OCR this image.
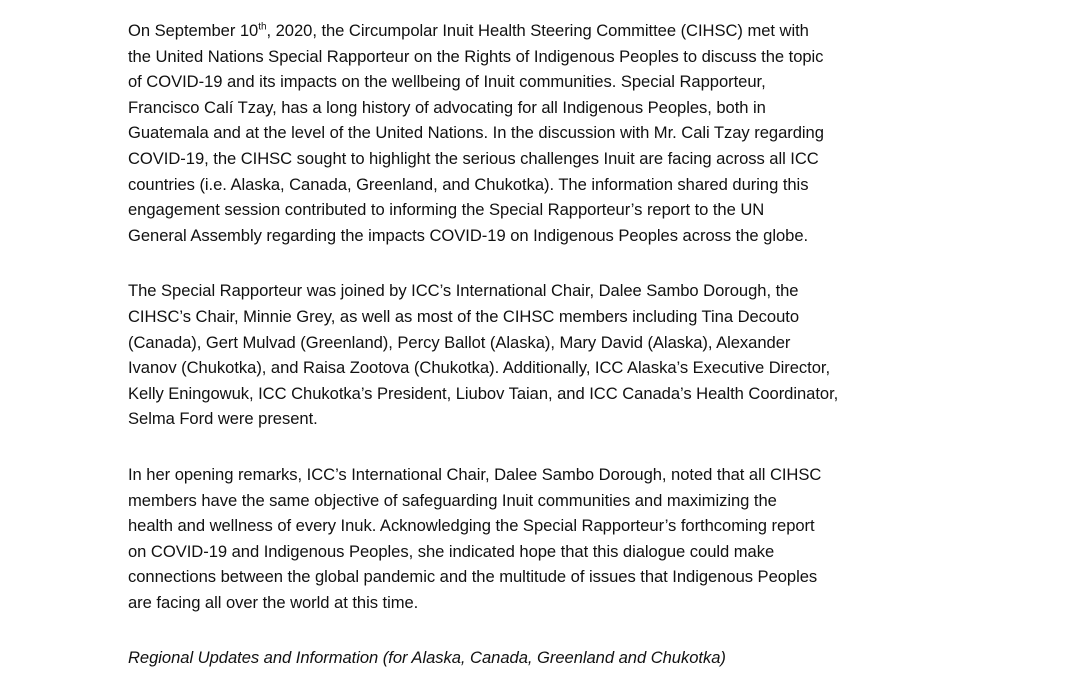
On September 10th, 2020, the Circumpolar Inuit Health Steering Committee (CIHSC) met with
the United Nations Special Rapporteur on the Rights of Indigenous Peoples to discuss the topic
of COVID-19 and its impacts on the wellbeing of Inuit communities. Special Rapporteur,
Francisco Calí Tzay, has a long history of advocating for all Indigenous Peoples, both in
Guatemala and at the level of the United Nations. In the discussion with Mr. Cali Tzay regarding
COVID-19, the CIHSC sought to highlight the serious challenges Inuit are facing across all ICC
countries (i.e. Alaska, Canada, Greenland, and Chukotka). The information shared during this
engagement session contributed to informing the Special Rapporteur’s report to the UN
General Assembly regarding the impacts COVID-19 on Indigenous Peoples across the globe.

The Special Rapporteur was joined by ICC’s International Chair, Dalee Sambo Dorough, the
CIHSC’s Chair, Minnie Grey, as well as most of the CIHSC members including Tina Decouto
(Canada), Gert Mulvad (Greenland), Percy Ballot (Alaska), Mary David (Alaska), Alexander
Ivanov (Chukotka), and Raisa Zootova (Chukotka). Additionally, ICC Alaska’s Executive Director,
Kelly Eningowuk, ICC Chukotka’s President, Liubov Taian, and ICC Canada’s Health Coordinator,
Selma Ford were present.

In her opening remarks, ICC’s International Chair, Dalee Sambo Dorough, noted that all CIHSC
members have the same objective of safeguarding Inuit communities and maximizing the
health and wellness of every Inuk. Acknowledging the Special Rapporteur’s forthcoming report
on COVID-19 and Indigenous Peoples, she indicated hope that this dialogue could make
connections between the global pandemic and the multitude of issues that Indigenous Peoples
are facing all over the world at this time.

Regional Updates and Information (for Alaska, Canada, Greenland and Chukotka)
